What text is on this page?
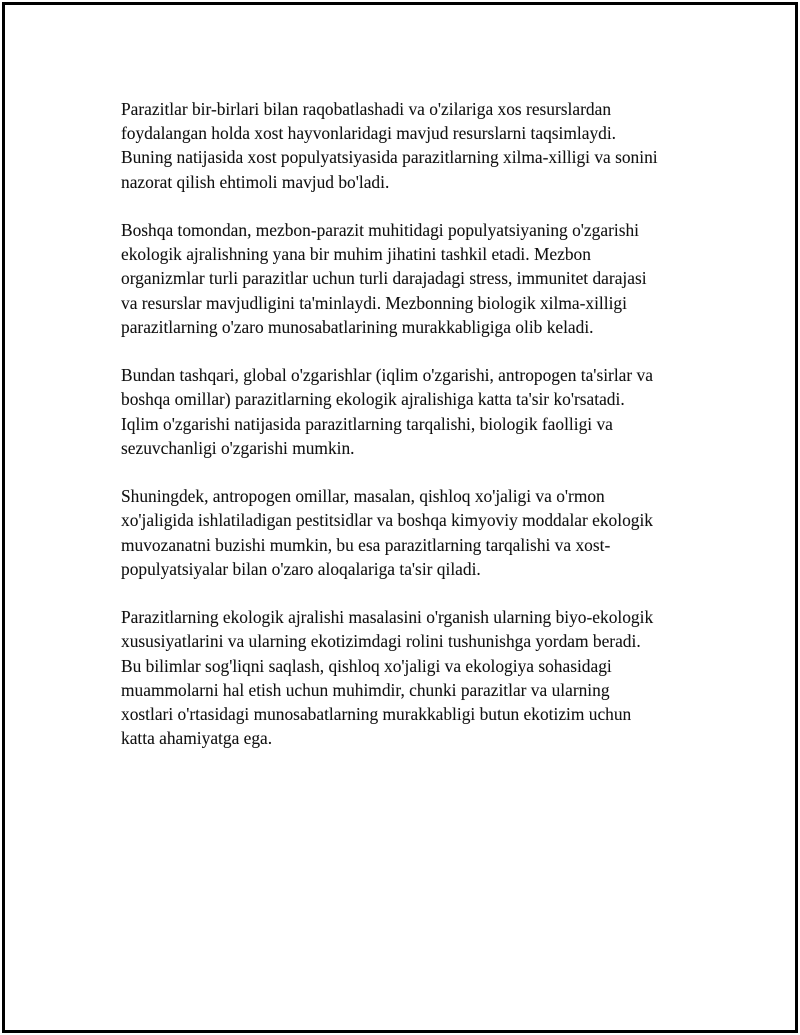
Parazitlar bir-birlari bilan raqobatlashadi va o'zilariga xos resurslardan
foydalangan holda xost hayvonlaridagi mavjud resurslarni taqsimlaydi.
Buning natijasida xost populyatsiyasida parazitlarning xilma-xilligi va sonini
nazorat qilish ehtimoli mavjud bo'ladi.

Boshqa tomondan, mezbon-parazit muhitidagi populyatsiyaning o'zgarishi
ekologik ajralishning yana bir muhim jihatini tashkil etadi. Mezbon
organizmlar turli parazitlar uchun turli darajadagi stress, immunitet darajasi
va resurslar mavjudligini ta'minlaydi. Mezbonning biologik xilma-xilligi
parazitlarning o'zaro munosabatlarining murakkabligiga olib keladi.

Bundan tashqari, global o'zgarishlar (iqlim o'zgarishi, antropogen ta'sirlar va
boshqa omillar) parazitlarning ekologik ajralishiga katta ta'sir ko'rsatadi.
Iqlim o'zgarishi natijasida parazitlarning tarqalishi, biologik faolligi va
sezuvchanligi o'zgarishi mumkin.

Shuningdek, antropogen omillar, masalan, qishloq xo'jaligi va o'rmon
xo'jaligida ishlatiladigan pestitsidlar va boshqa kimyoviy moddalar ekologik
muvozanatni buzishi mumkin, bu esa parazitlarning tarqalishi va xost-
populyatsiyalar bilan o'zaro aloqalariga ta'sir qiladi.

Parazitlarning ekologik ajralishi masalasini o'rganish ularning biyo-ekologik
xususiyatlarini va ularning ekotizimdagi rolini tushunishga yordam beradi.
Bu bilimlar sog'liqni saqlash, qishloq xo'jaligi va ekologiya sohasidagi
muammolarni hal etish uchun muhimdir, chunki parazitlar va ularning
xostlari o'rtasidagi munosabatlarning murakkabligi butun ekotizim uchun
katta ahamiyatga ega.
